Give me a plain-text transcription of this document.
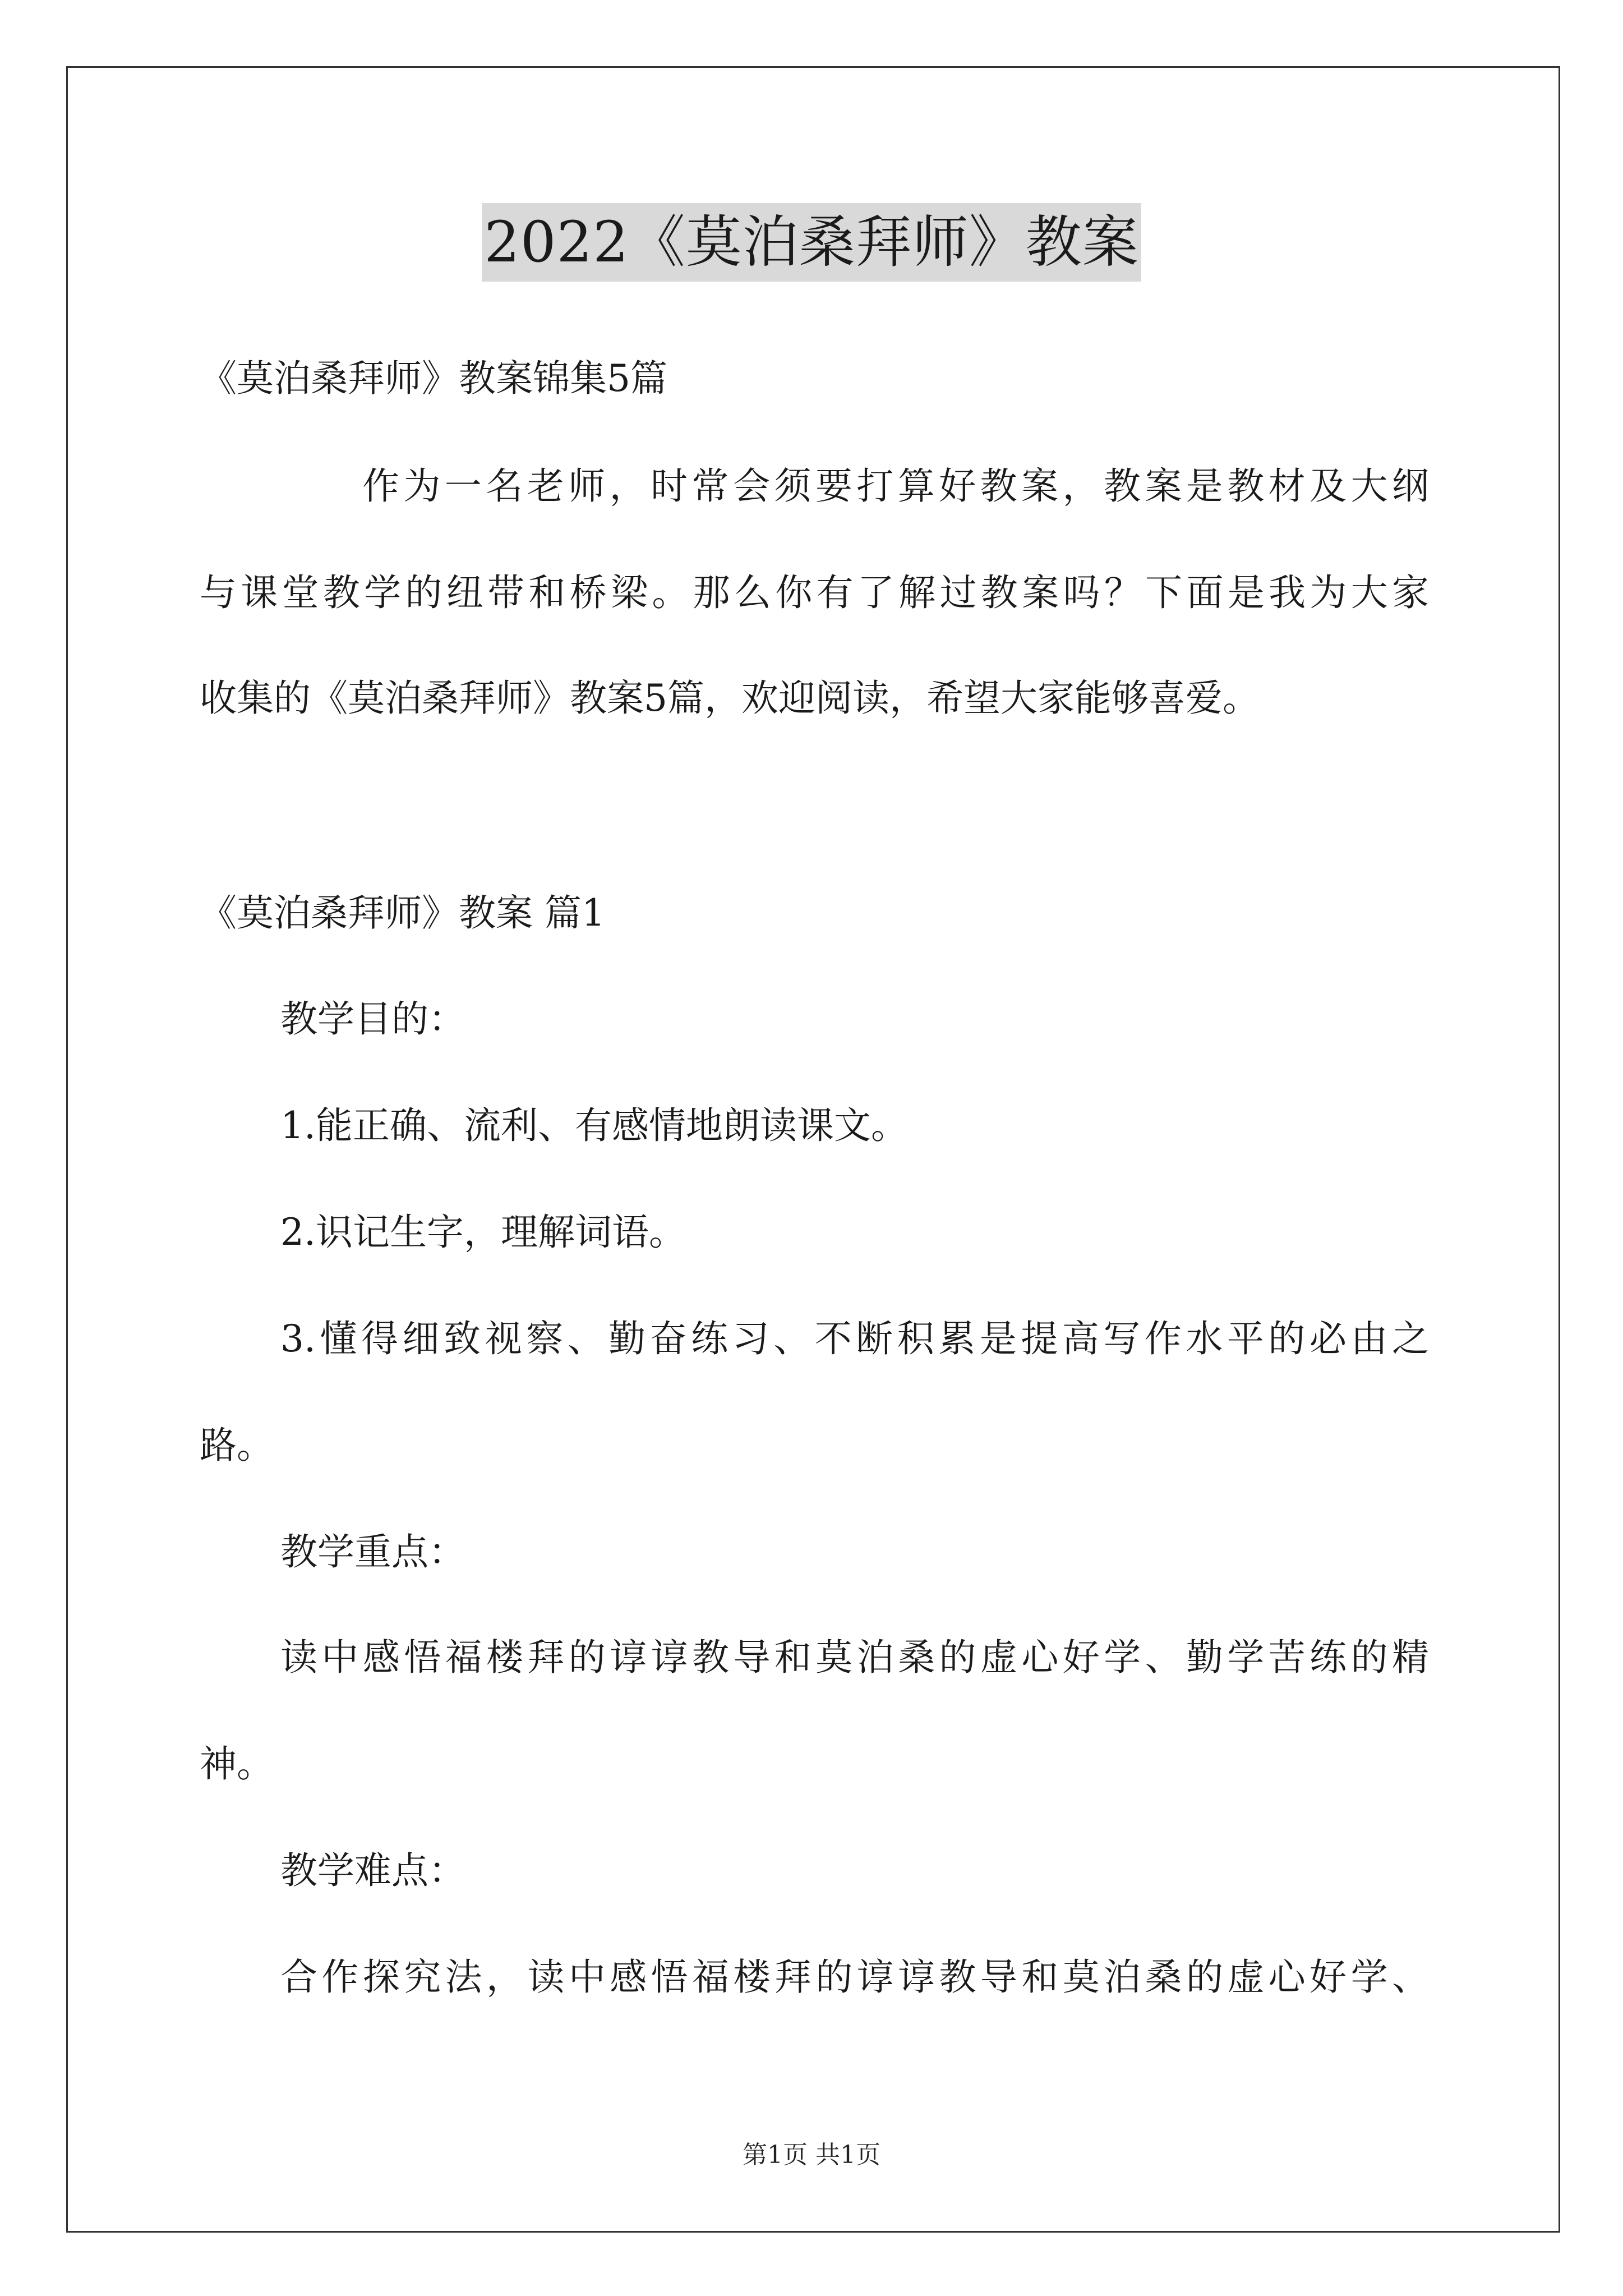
2022《莫泊桑拜师》教案
《莫泊桑拜师》教案锦集5篇
作为一名老师，时常会须要打算好教案，教案是教材及大纲
与课堂教学的纽带和桥梁。那么你有了解过教案吗？下面是我为大家
收集的《莫泊桑拜师》教案5篇，欢迎阅读，希望大家能够喜爱。
《莫泊桑拜师》教案 篇1
教学目的：
1.能正确、流利、有感情地朗读课文。
2.识记生字，理解词语。
3.懂得细致视察、勤奋练习、不断积累是提高写作水平的必由之
路。
教学重点：
读中感悟福楼拜的谆谆教导和莫泊桑的虚心好学、勤学苦练的精
神。
教学难点：
合作探究法，读中感悟福楼拜的谆谆教导和莫泊桑的虚心好学、
第1页 共1页
